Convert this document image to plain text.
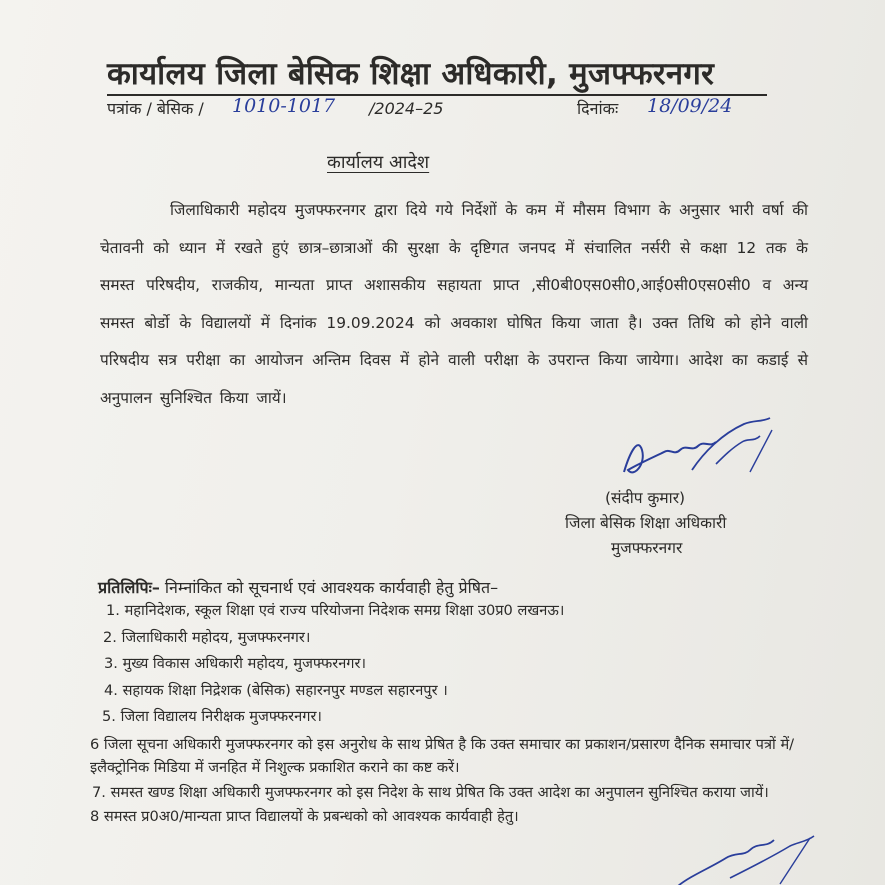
कार्यालय जिला बेसिक शिक्षा अधिकारी, मुजफ्फरनगर
पत्रांक / बेसिक / 1010-1017 /2024–25	दिनांकः 18/09/24
कार्यालय आदेश
जिलाधिकारी महोदय मुजफ्फरनगर द्वारा दिये गये निर्देशों के कम में मौसम विभाग के अनुसार भारी वर्षा की चेतावनी को ध्यान में रखते हुएं छात्र–छात्राओं की सुरक्षा के दृष्टिगत जनपद में संचालित नर्सरी से कक्षा 12 तक के समस्त परिषदीय, राजकीय, मान्यता प्राप्त अशासकीय सहायता प्राप्त ,सी0बी0एस0सी0,आई0सी0एस0सी0 व अन्य समस्त बोर्डो के विद्यालयों में दिनांक 19.09.2024 को अवकाश घोषित किया जाता है। उक्त तिथि को होने वाली परिषदीय सत्र परीक्षा का आयोजन अन्तिम दिवस में होने वाली परीक्षा के उपरान्त किया जायेगा। आदेश का कडाई से अनुपालन सुनिश्चित किया जायें।
(संदीप कुमार)
जिला बेसिक शिक्षा अधिकारी
मुजफ्फरनगर
प्रतिलिपिः– निम्नांकित को सूचनार्थ एवं आवश्यक कार्यवाही हेतु प्रेषित–

1. महानिदेशक, स्कूल शिक्षा एवं राज्य परियोजना निदेशक समग्र शिक्षा उ0प्र0 लखनऊ।

2. जिलाधिकारी महोदय, मुजफ्फरनगर।

3. मुख्य विकास अधिकारी महोदय, मुजफ्फरनगर।

4. सहायक शिक्षा निद्रेशक (बेसिक) सहारनपुर मण्डल सहारनपुर ।

5. जिला विद्यालय निरीक्षक मुजफ्फरनगर।

6 जिला सूचना अधिकारी मुजफ्फरनगर को इस अनुरोध के साथ प्रेषित है कि उक्त समाचार का प्रकाशन/प्रसारण दैनिक समाचार पत्रों में/इलैक्ट्रोनिक मिडिया में जनहित में निशुल्क प्रकाशित कराने का कष्ट करें।

7. समस्त खण्ड शिक्षा अधिकारी मुजफ्फरनगर को इस निदेश के साथ प्रेषित कि उक्त आदेश का अनुपालन सुनिश्चित कराया जायें।

8 समस्त प्र0अ0/मान्यता प्राप्त विद्यालयों के प्रबन्धको को आवश्यक कार्यवाही हेतु।
